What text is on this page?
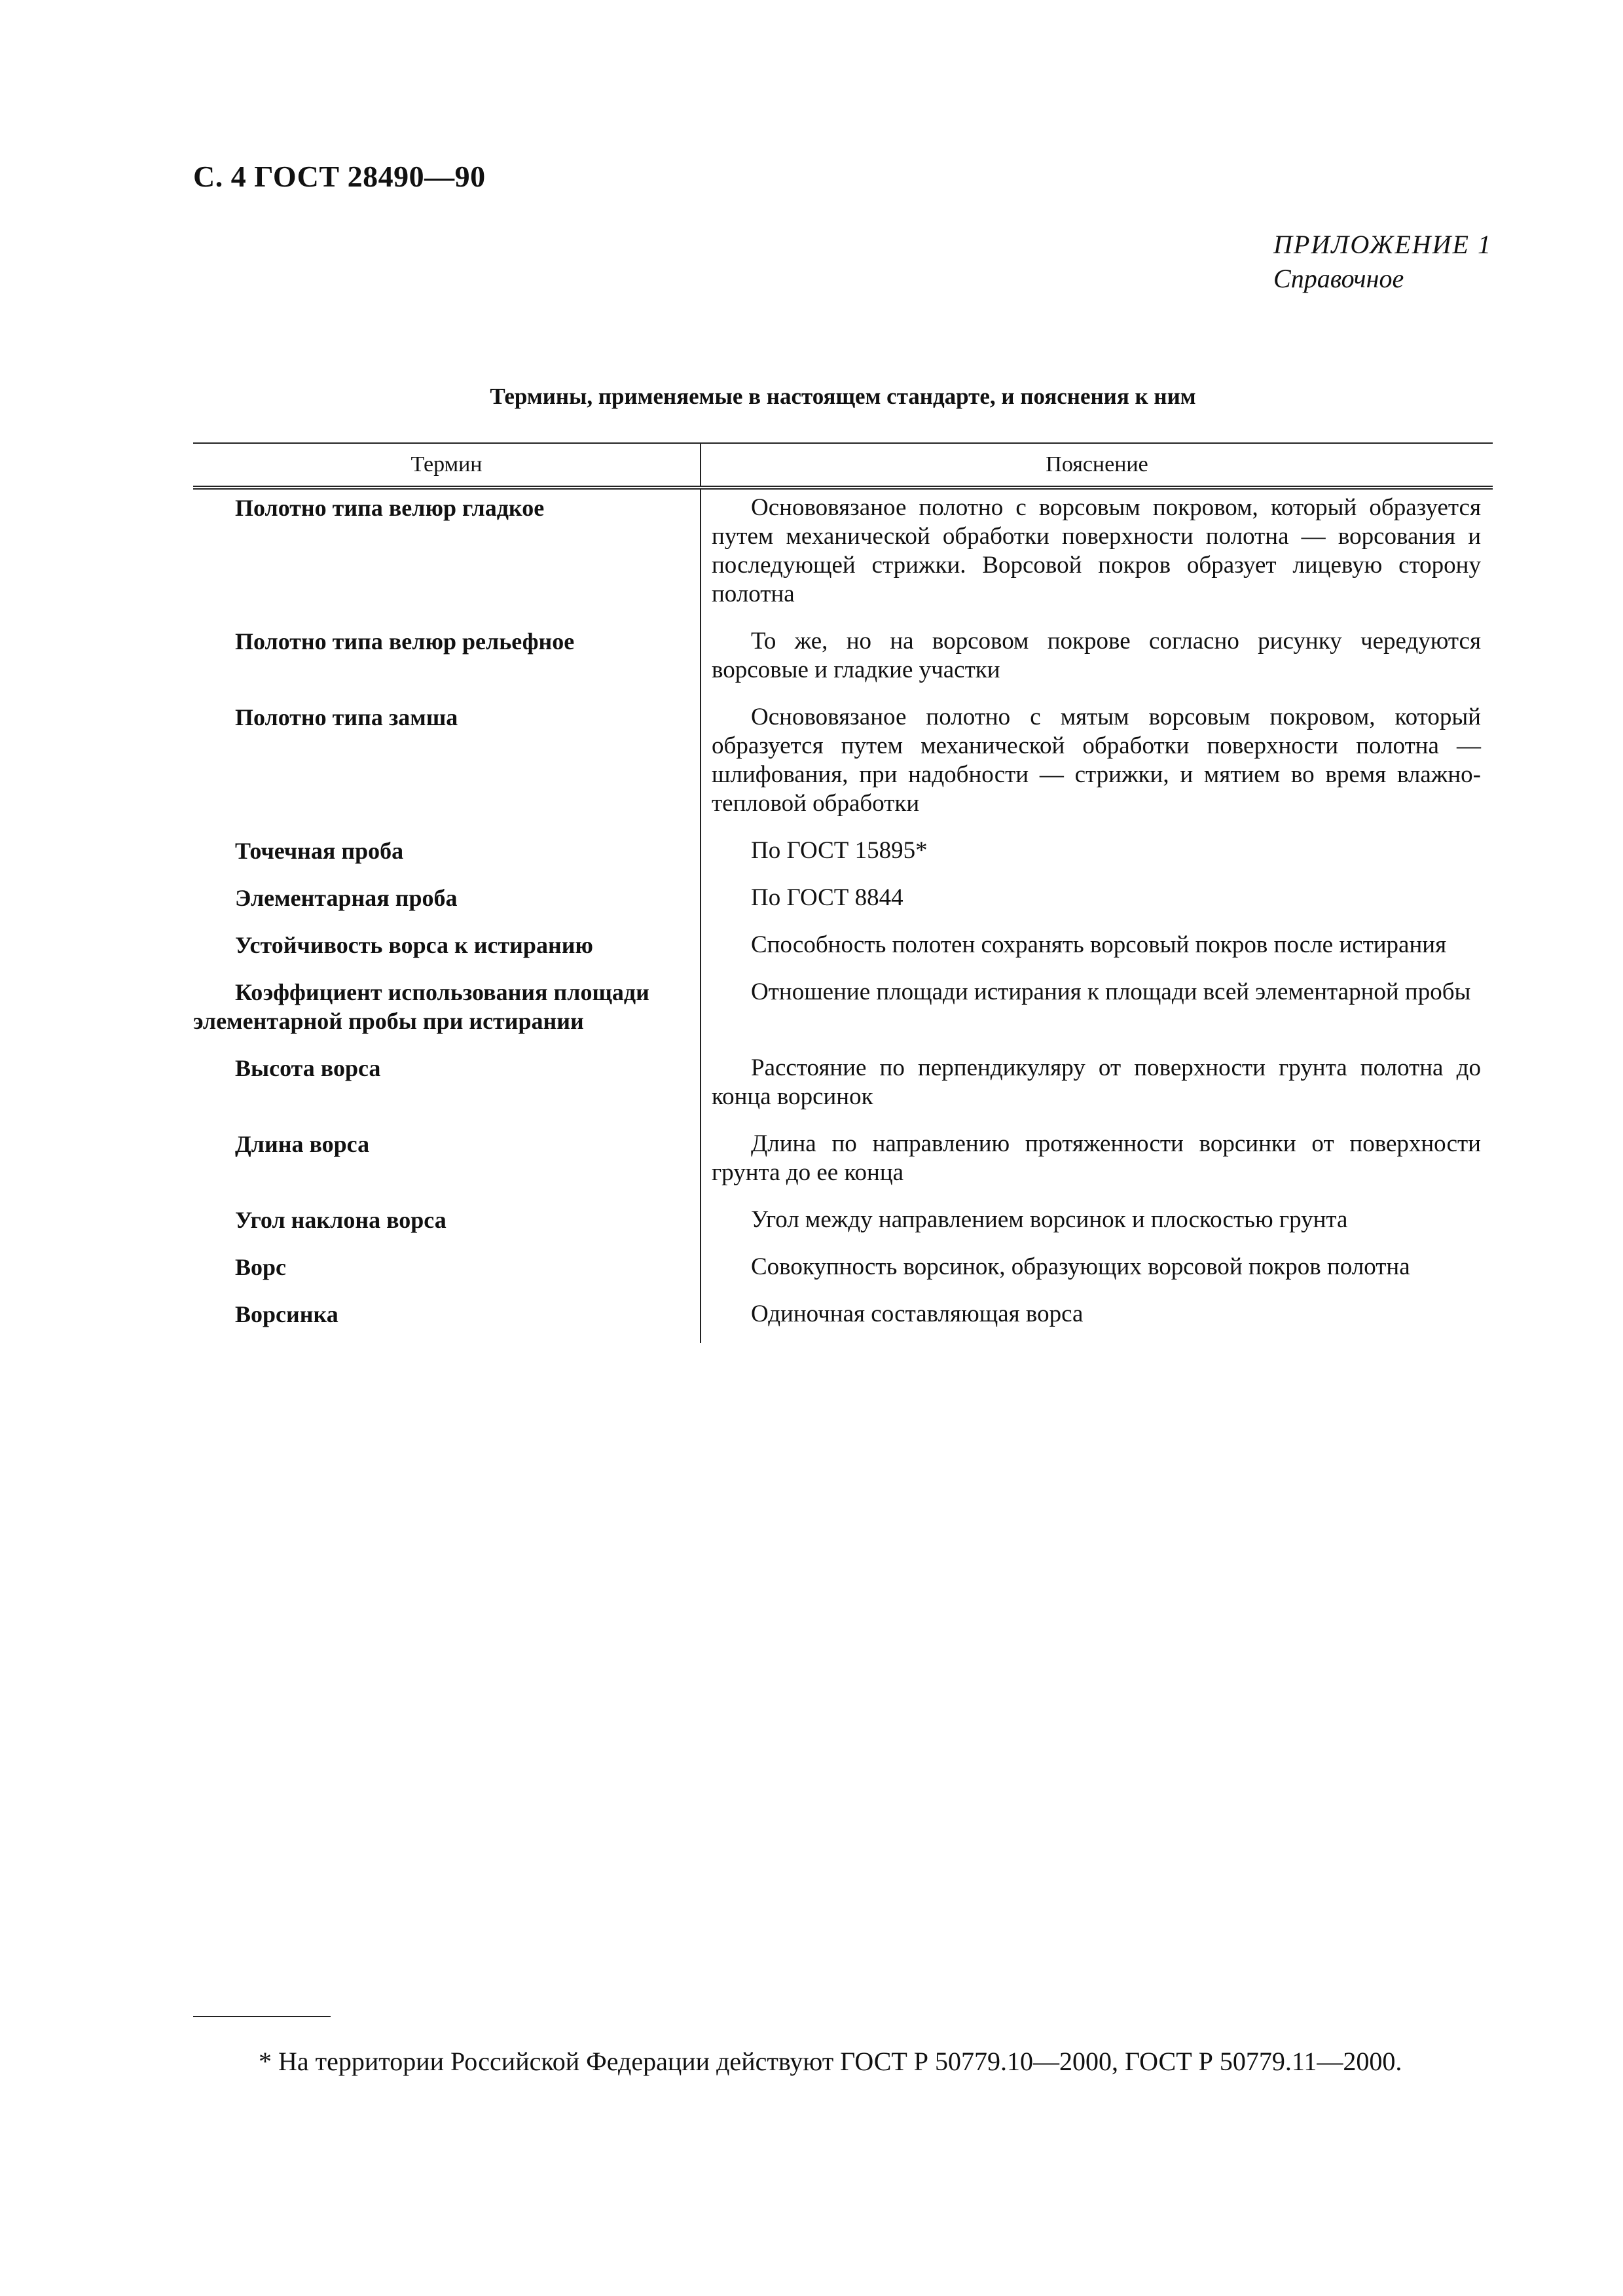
С. 4 ГОСТ 28490—90
ПРИЛОЖЕНИЕ 1
Справочное
Термины, применяемые в настоящем стандарте, и пояснения к ним
Термин	Пояснение

Полотно типа велюр гладкое	Основовязаное полотно с ворсовым покровом, который образуется путем механической обработки поверхности полотна — ворсования и последующей стрижки. Ворсовой покров образует лицевую сторону полотна

Полотно типа велюр рельефное	То же, но на ворсовом покрове согласно рисунку чередуются ворсовые и гладкие участки

Полотно типа замша	Основовязаное полотно с мятым ворсовым покровом, который образуется путем механической обработки поверхности полотна — шлифования, при надобности — стрижки, и мятием во время влажно-тепловой обработки

Точечная проба	По ГОСТ 15895*

Элементарная проба	По ГОСТ 8844

Устойчивость ворса к истиранию	Способность полотен сохранять ворсовый покров после истирания

Коэффициент использования площади элементарной пробы при истирании	Отношение площади истирания к площади всей элементарной пробы

Высота ворса	Расстояние по перпендикуляру от поверхности грунта полотна до конца ворсинок

Длина ворса	Длина по направлению протяженности ворсинки от поверхности грунта до ее конца

Угол наклона ворса	Угол между направлением ворсинок и плоскостью грунта

Ворс	Совокупность ворсинок, образующих ворсовой покров полотна

Ворсинка	Одиночная составляющая ворса

* На территории Российской Федерации действуют ГОСТ Р 50779.10—2000, ГОСТ Р 50779.11—2000.
